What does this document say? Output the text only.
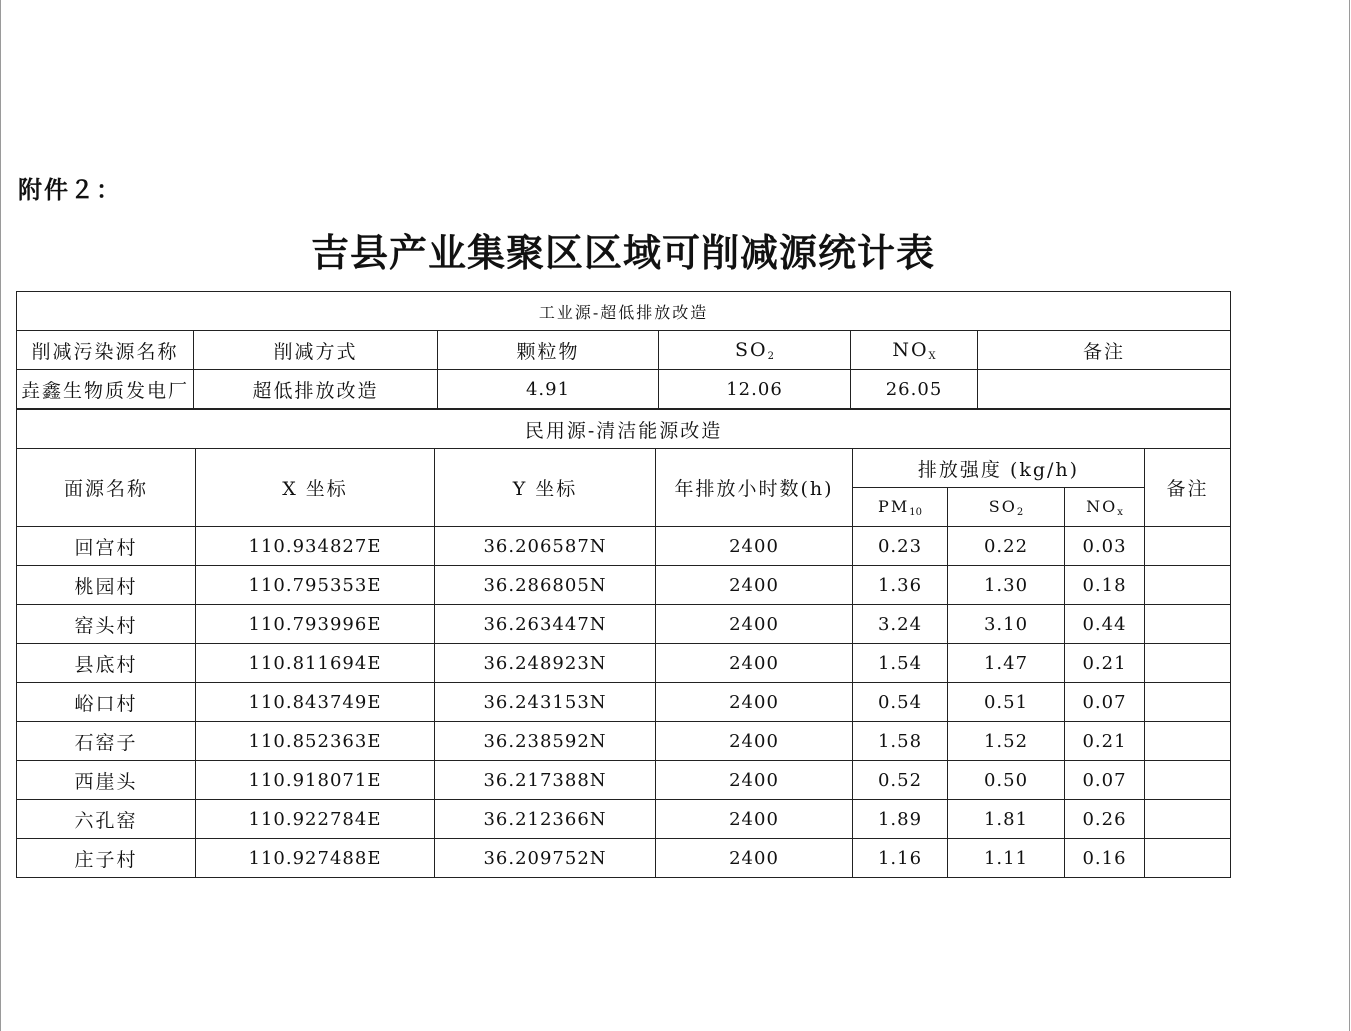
附件２：
吉县产业集聚区区域可削减源统计表
工业源-超低排放改造					
削减污染源名称	削减方式	颗粒物	$SO_2$	$NO_X$	备注
垚鑫生物质发电厂	超低排放改造	4.91	12.06	26.05	
民用源-清洁能源改造							
面源名称	X 坐标	Y 坐标	年排放小时数(h)	排放强度 (kg/h)			备注
				$PM_{10}$	$SO_2$	$NO_x$
回宫村	110.934827E	36.206587N	2400	0.23	0.22	0.03	
桃园村	110.795353E	36.286805N	2400	1.36	1.30	0.18	
窑头村	110.793996E	36.263447N	2400	3.24	3.10	0.44	
县底村	110.811694E	36.248923N	2400	1.54	1.47	0.21	
峪口村	110.843749E	36.243153N	2400	0.54	0.51	0.07	
石窑子	110.852363E	36.238592N	2400	1.58	1.52	0.21	
西崖头	110.918071E	36.217388N	2400	0.52	0.50	0.07	
六孔窑	110.922784E	36.212366N	2400	1.89	1.81	0.26	
庄子村	110.927488E	36.209752N	2400	1.16	1.11	0.16	
